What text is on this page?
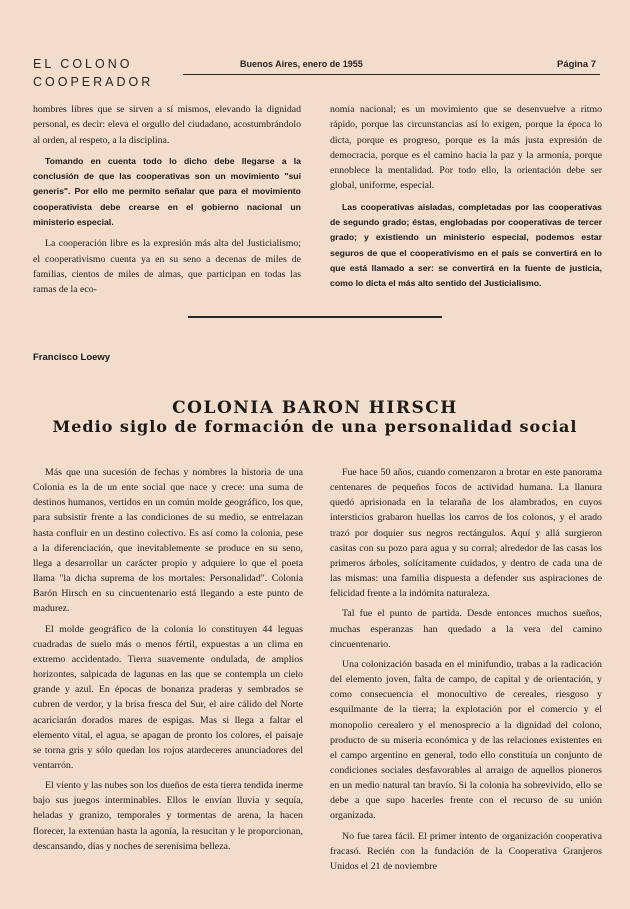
EL COLONO
COOPERADOR
Buenos Aires, enero de 1955	Página 7

hombres libres que se sirven a sí mismos, elevando la dignidad personal, es decir: eleva el orgullo del ciudadano, acostumbrándolo al orden, al respeto, a la disciplina.

Tomando en cuenta todo lo dicho debe llegarse a la conclusión de que las cooperativas son un movimiento "sui generis". Por ello me permito señalar que para el movimiento cooperativista debe crearse en el gobierno nacional un ministerio especial.

La cooperación libre es la expresión más alta del Justicialismo; el cooperativismo cuenta ya en su seno a decenas de miles de familias, cientos de miles de almas, que participan en todas las ramas de la eco-

nomía nacional; es un movimiento que se desenvuelve a ritmo rápido, porque las circunstancias así lo exigen, porque la época lo dicta, porque es progreso, porque es la más justa expresión de democracia, porque es el camino hacia la paz y la armonía, porque ennoblece la mentalidad. Por todo ello, la orientación debe ser global, uniforme, especial.

Las cooperativas aisladas, completadas por las cooperativas de segundo grado; éstas, englobadas por cooperativas de tercer grado; y existiendo un ministerio especial, podemos estar seguros de que el cooperativismo en el país se convertirá en lo que está llamado a ser: se convertirá en la fuente de justicia, como lo dicta el más alto sentido del Justicialismo.

Francisco Loewy
COLONIA BARON HIRSCH
Medio siglo de formación de una personalidad social

Más que una sucesión de fechas y nombres la historia de una Colonia es la de un ente social que nace y crece: una suma de destinos humanos, vertidos en un común molde geográfico, los que, para subsistir frente a las condiciones de su medio, se entrelazan hasta confluir en un destino colectivo. Es así como la colonia, pese a la diferenciación, que inevitablemente se produce en su seno, llega a desarrollar un carácter propio y adquiere lo que el poeta llama "la dicha suprema de los mortales: Personalidad". Colonia Barón Hirsch en su cincuentenario está llegando a este punto de madurez.

El molde geográfico de la colonia lo constituyen 44 leguas cuadradas de suelo más o menos fértil, expuestas a un clima en extremo accidentado. Tierra suavemente ondulada, de amplios horizontes, salpicada de lagunas en las que se contempla un cielo grande y azul. En épocas de bonanza praderas y sembrados se cubren de verdor, y la brisa fresca del Sur, el aire cálido del Norte acariciarán dorados mares de espigas. Mas si llega a faltar el elemento vital, el agua, se apagan de pronto los colores, el paisaje se torna gris y sólo quedan los rojos atardeceres anunciadores del ventarrón.

El viento y las nubes son los dueños de esta tierra tendida inerme bajo sus juegos interminables. Ellos le envían lluvia y sequía, heladas y granizo, temporales y tormentas de arena, la hacen florecer, la extenúan hasta la agonía, la resucitan y le proporcionan, descansando, días y noches de serenísima belleza.

Fue hace 50 años, cuando comenzaron a brotar en este panorama centenares de pequeños focos de actividad humana. La llanura quedó aprisionada en la telaraña de los alambrados, en cuyos intersticios grabaron huellas los carros de los colonos, y el arado trazó por doquier sus negros rectángulos. Aquí y allá surgieron casitas con su pozo para agua y su corral; alrededor de las casas los primeros árboles, solícitamente cuidados, y dentro de cada una de las mismas: una familia dispuesta a defender sus aspiraciones de felicidad frente a la indómita naturaleza.

Tal fue el punto de partida. Desde entonces muchos sueños, muchas esperanzas han quedado a la vera del camino cincuentenario.

Una colonización basada en el minifundio, trabas a la radicación del elemento joven, falta de campo, de capital y de orientación, y como consecuencia el monocultivo de cereales, riesgoso y esquilmante de la tierra; la explotación por el comercio y el monopolio cerealero y el menosprecio a la dignidad del colono, producto de su miseria económica y de las relaciones existentes en el campo argentino en general, todo ello constituía un conjunto de condiciones sociales desfavorables al arraigo de aquellos pioneros en un medio natural tan bravío. Si la colonia ha sobrevivido, ello se debe a que supo hacerles frente con el recurso de su unión organizada.

No fue tarea fácil. El primer intento de organización cooperativa fracasó. Recién con la fundación de la Cooperativa Granjeros Unidos el 21 de noviembre
